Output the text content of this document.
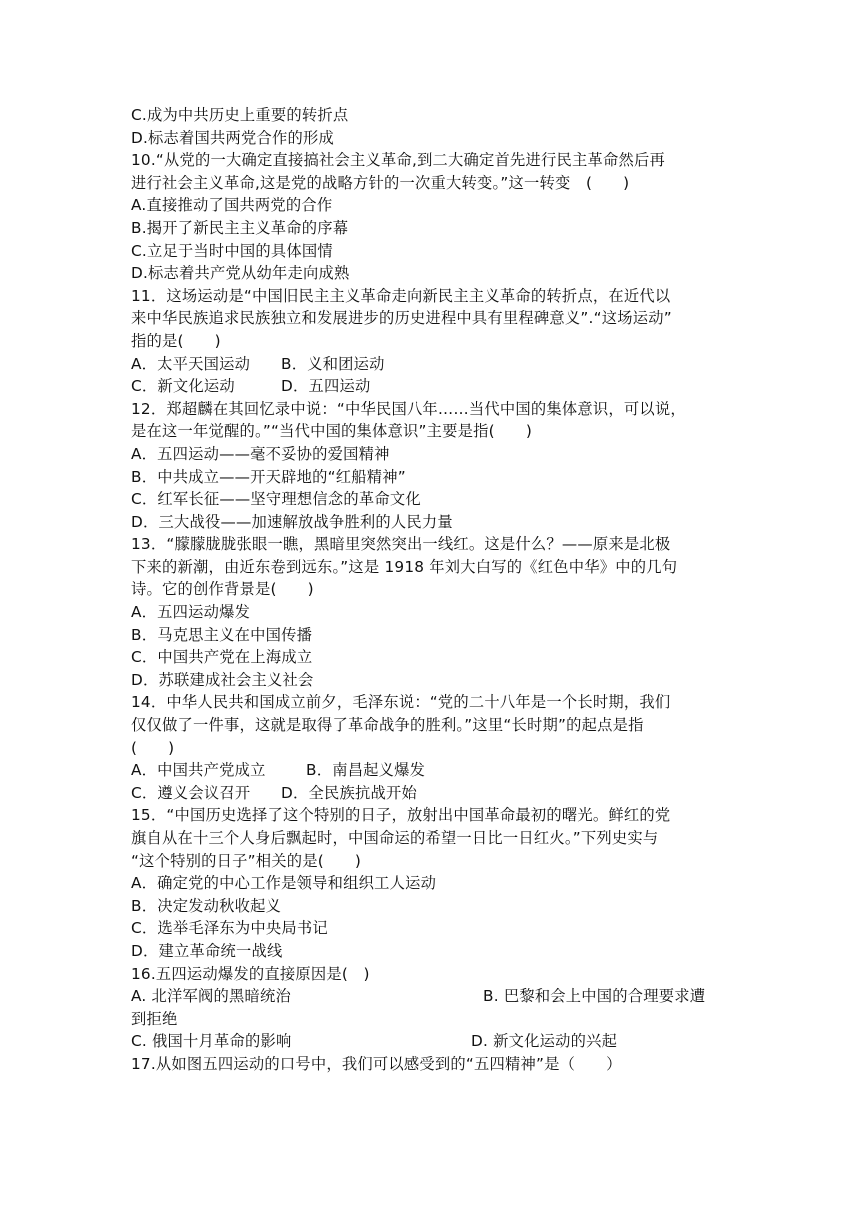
C.成为中共历史上重要的转折点
D.标志着国共两党合作的形成
10.“从党的一大确定直接搞社会主义革命,到二大确定首先进行民主革命然后再
进行社会主义革命,这是党的战略方针的一次重大转变。”这一转变　(　　)
A.直接推动了国共两党的合作
B.揭开了新民主主义革命的序幕
C.立足于当时中国的具体国情
D.标志着共产党从幼年走向成熟
11．这场运动是“中国旧民主主义革命走向新民主主义革命的转折点，在近代以
来中华民族追求民族独立和发展进步的历史进程中具有里程碑意义”.“这场运动”
指的是(　　)
A．太平天国运动	B．义和团运动
C．新文化运动	D．五四运动
12．郑超麟在其回忆录中说：“中华民国八年……当代中国的集体意识，可以说，
是在这一年觉醒的。”“当代中国的集体意识”主要是指(　　)
A．五四运动——毫不妥协的爱国精神
B．中共成立——开天辟地的“红船精神”
C．红军长征——坚守理想信念的革命文化
D．三大战役——加速解放战争胜利的人民力量
13．“朦朦胧胧张眼一瞧，黑暗里突然突出一线红。这是什么？——原来是北极
下来的新潮，由近东卷到远东。”这是 1918 年刘大白写的《红色中华》中的几句
诗。它的创作背景是(　　)
A．五四运动爆发
B．马克思主义在中国传播
C．中国共产党在上海成立
D．苏联建成社会主义社会
14．中华人民共和国成立前夕，毛泽东说：“党的二十八年是一个长时期，我们
仅仅做了一件事，这就是取得了革命战争的胜利。”这里“长时期”的起点是指
(　　)
A．中国共产党成立	B．南昌起义爆发
C．遵义会议召开	D．全民族抗战开始
15．“中国历史选择了这个特别的日子，放射出中国革命最初的曙光。鲜红的党
旗自从在十三个人身后飘起时，中国命运的希望一日比一日红火。”下列史实与
“这个特别的日子”相关的是(　　)
A．确定党的中心工作是领导和组织工人运动
B．决定发动秋收起义
C．选举毛泽东为中央局书记
D．建立革命统一战线
16.五四运动爆发的直接原因是(　)
A. 北洋军阀的黑暗统治	B. 巴黎和会上中国的合理要求遭
到拒绝
C. 俄国十月革命的影响	D. 新文化运动的兴起
17.从如图五四运动的口号中，我们可以感受到的“五四精神”是（　　）
